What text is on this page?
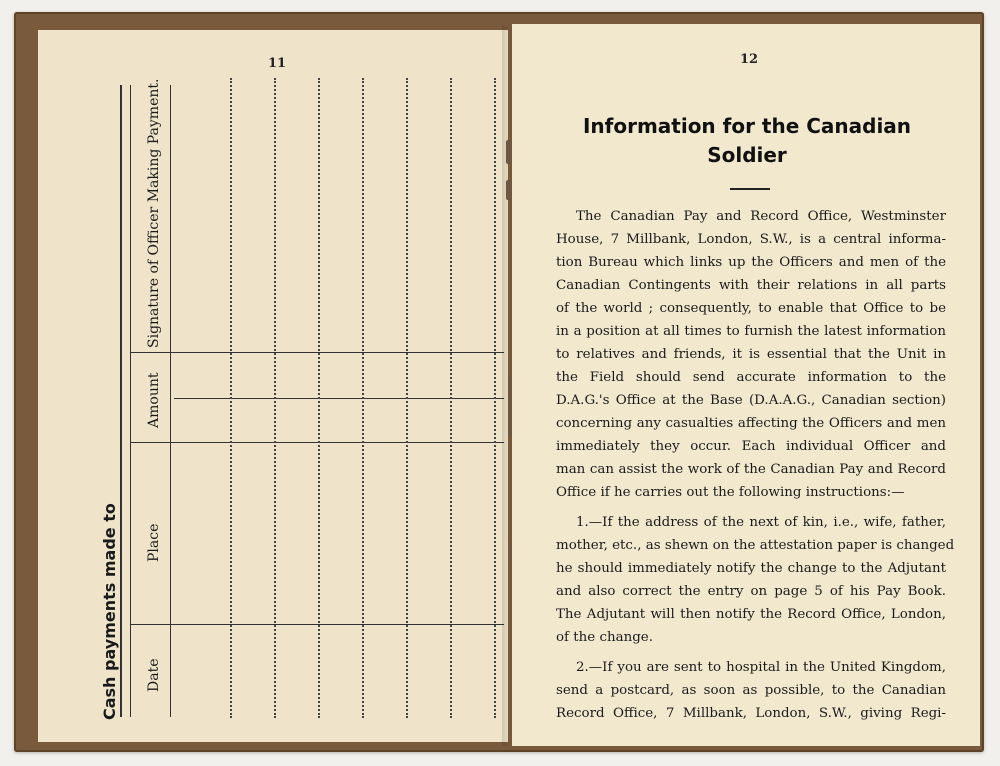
11
Cash payments made to Date
Place
Amount
Signature of Officer Making Payment.
12
Information for the Canadian
Soldier
The Canadian Pay and Record Office, Westminster
House, 7 Millbank, London, S.W., is a central informa-
tion Bureau which links up the Officers and men of the
Canadian Contingents with their relations in all parts
of the world ; consequently, to enable that Office to be
in a position at all times to furnish the latest information
to relatives and friends, it is essential that the Unit in
the Field should send accurate information to the
D.A.G.'s Office at the Base (D.A.A.G., Canadian section)
concerning any casualties affecting the Officers and men
immediately they occur. Each individual Officer and
man can assist the work of the Canadian Pay and Record
Office if he carries out the following instructions:—
1.—If the address of the next of kin, i.e., wife, father,
mother, etc., as shewn on the attestation paper is changed
he should immediately notify the change to the Adjutant
and also correct the entry on page 5 of his Pay Book.
The Adjutant will then notify the Record Office, London,
of the change.
2.—If you are sent to hospital in the United Kingdom,
send a postcard, as soon as possible, to the Canadian
Record Office, 7 Millbank, London, S.W., giving Regi-
